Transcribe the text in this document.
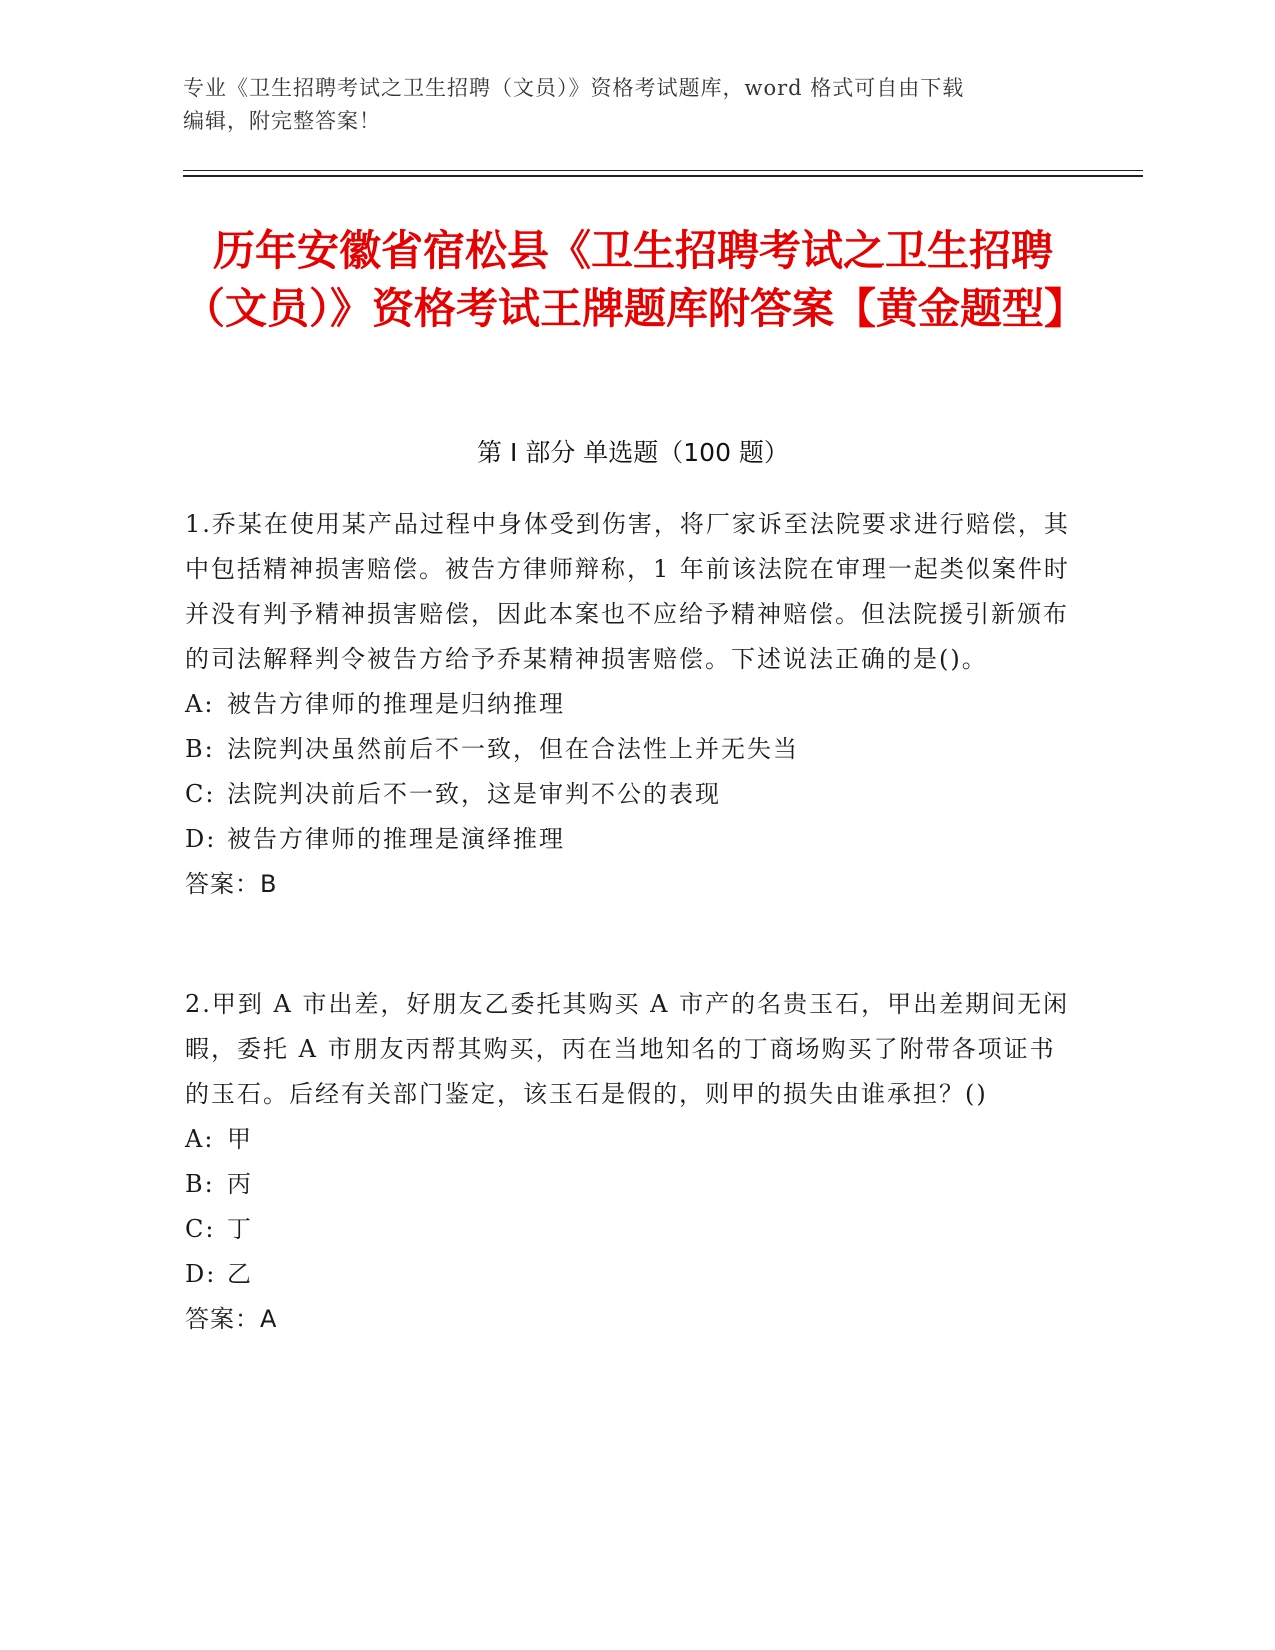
专业《卫生招聘考试之卫生招聘（文员）》资格考试题库，word 格式可自由下载
编辑，附完整答案！
历年安徽省宿松县《卫生招聘考试之卫生招聘（文员）》资格考试王牌题库附答案【黄金题型】
第 I 部分 单选题（100 题）

1.乔某在使用某产品过程中身体受到伤害，将厂家诉至法院要求进行赔偿，其中包括精神损害赔偿。被告方律师辩称，1 年前该法院在审理一起类似案件时并没有判予精神损害赔偿，因此本案也不应给予精神赔偿。但法院援引新颁布的司法解释判令被告方给予乔某精神损害赔偿。下述说法正确的是()。

A: 被告方律师的推理是归纳推理

B: 法院判决虽然前后不一致，但在合法性上并无失当

C: 法院判决前后不一致，这是审判不公的表现

D: 被告方律师的推理是演绎推理

答案：B

2.甲到 A 市出差，好朋友乙委托其购买 A 市产的名贵玉石，甲出差期间无闲暇，委托 A 市朋友丙帮其购买，丙在当地知名的丁商场购买了附带各项证书的玉石。后经有关部门鉴定，该玉石是假的，则甲的损失由谁承担？()

A: 甲

B: 丙

C: 丁

D: 乙

答案：A
